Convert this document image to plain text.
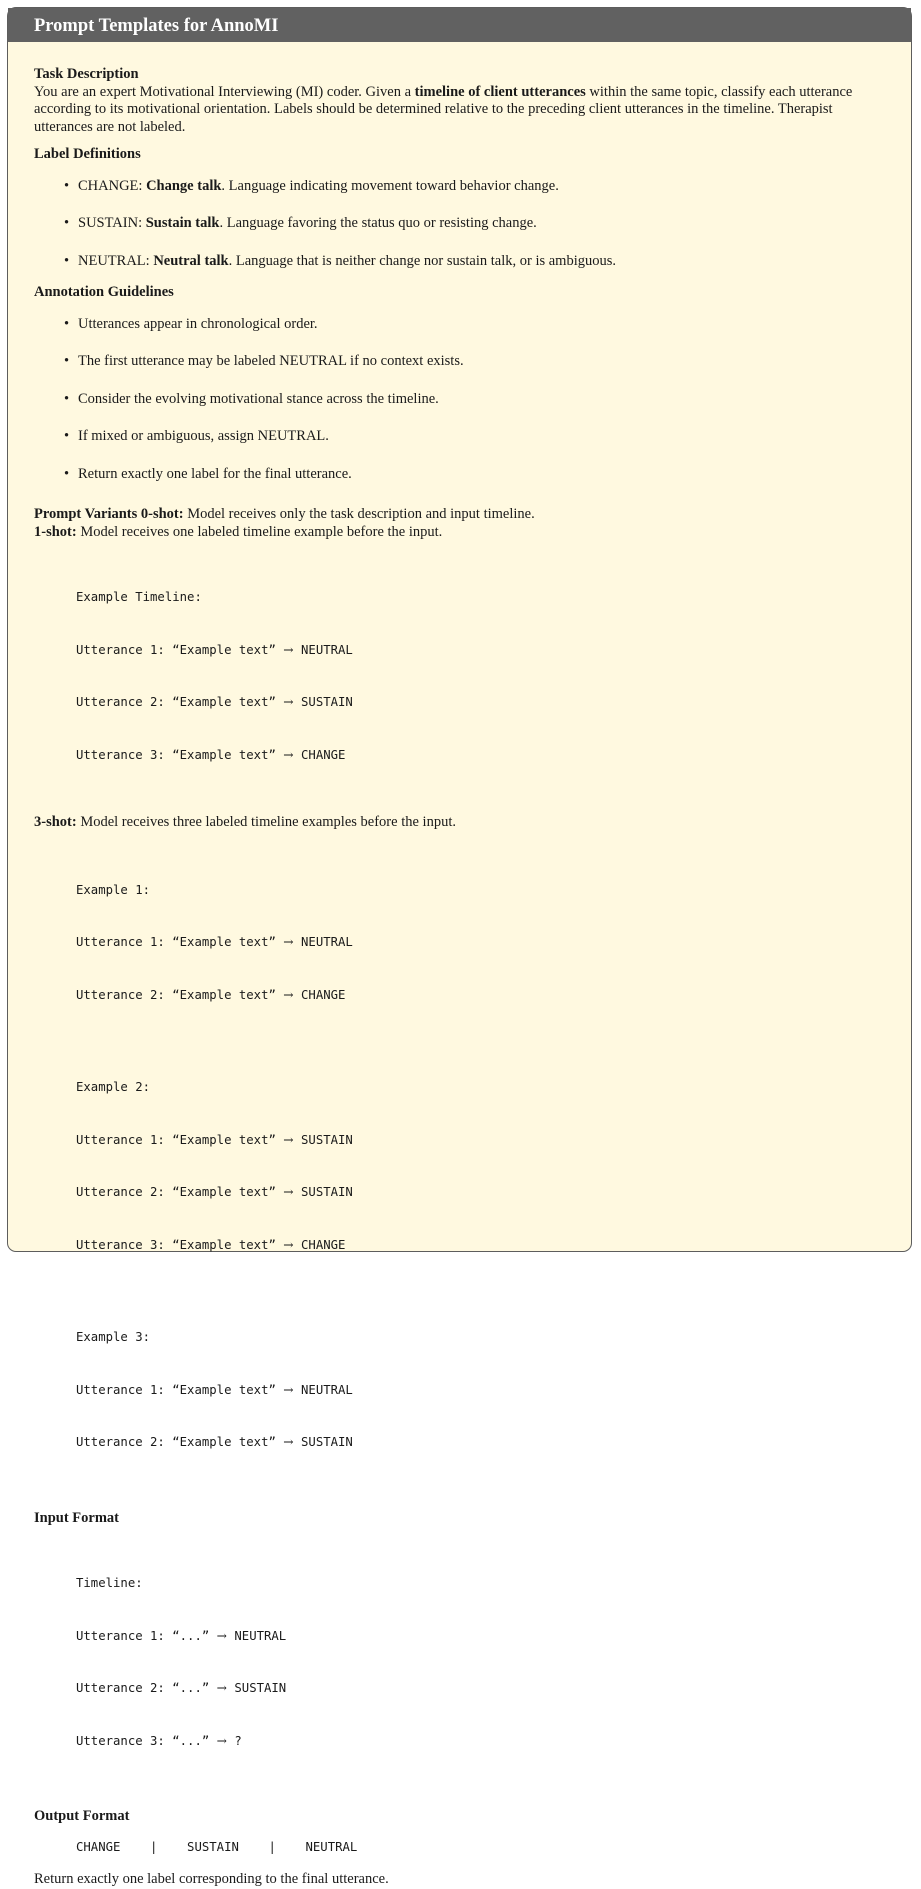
Prompt Templates for AnnoMI

Task Description

You are an expert Motivational Interviewing (MI) coder. Given a timeline of client utterances within the same topic, classify each utterance according to its motivational orientation. Labels should be determined relative to the preceding client utterances in the timeline. Therapist utterances are not labeled.

Label Definitions

• CHANGE: Change talk. Language indicating movement toward behavior change.
• SUSTAIN: Sustain talk. Language favoring the status quo or resisting change.
• NEUTRAL: Neutral talk. Language that is neither change nor sustain talk, or is ambiguous.

Annotation Guidelines

• Utterances appear in chronological order.
• The first utterance may be labeled NEUTRAL if no context exists.
• Consider the evolving motivational stance across the timeline.
• If mixed or ambiguous, assign NEUTRAL.
• Return exactly one label for the final utterance.

Prompt Variants 0-shot: Model receives only the task description and input timeline.

1-shot: Model receives one labeled timeline example before the input.

Example Timeline:

Utterance 1: “Example text” → NEUTRAL

Utterance 2: “Example text” → SUSTAIN

Utterance 3: “Example text” → CHANGE

3-shot: Model receives three labeled timeline examples before the input.

Example 1:

Utterance 1: “Example text” → NEUTRAL

Utterance 2: “Example text” → CHANGE

Example 2:

Utterance 1: “Example text” → SUSTAIN

Utterance 2: “Example text” → SUSTAIN

Utterance 3: “Example text” → CHANGE

Example 3:

Utterance 1: “Example text” → NEUTRAL

Utterance 2: “Example text” → SUSTAIN

Input Format

Timeline:

Utterance 1: “...” → NEUTRAL

Utterance 2: “...” → SUSTAIN

Utterance 3: “...” → ?

Output Format

CHANGE    |    SUSTAIN    |    NEUTRAL

Return exactly one label corresponding to the final utterance.
